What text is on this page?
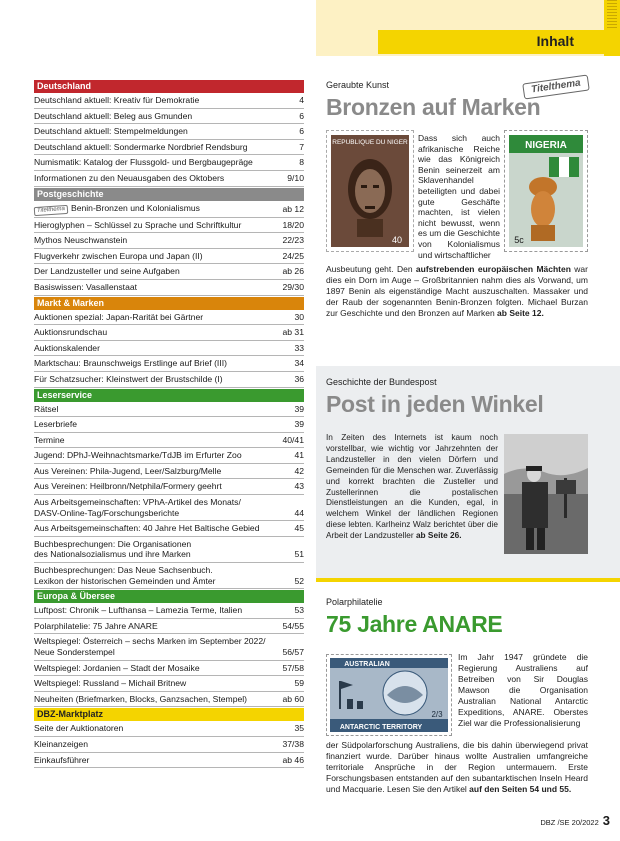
Inhalt
Deutschland
Deutschland aktuell: Kreativ für Demokratie	4
Deutschland aktuell: Beleg aus Gmunden	6
Deutschland aktuell: Stempelmeldungen	6
Deutschland aktuell: Sondermarke Nordbrief Rendsburg	7
Numismatik: Katalog der Flussgold- und Bergbaugepräge	8
Informationen zu den Neuausgaben des Oktobers	9/10
Postgeschichte
Titelthema Benin-Bronzen und Kolonialismus	ab 12
Hieroglyphen – Schlüssel zu Sprache und Schriftkultur	18/20
Mythos Neuschwanstein	22/23
Flugverkehr zwischen Europa und Japan (II)	24/25
Der Landzusteller und seine Aufgaben	ab 26
Basiswissen: Vasallenstaat	29/30
Markt & Marken
Auktionen spezial: Japan-Rarität bei Gärtner	30
Auktionsrundschau	ab 31
Auktionskalender	33
Marktschau: Braunschweigs Erstlinge auf Brief (III)	34
Für Schatzsucher: Kleinstwert der Brustschilde (I)	36
Leserservice
Rätsel	39
Leserbriefe	39
Termine	40/41
Jugend: DPhJ-Weihnachtsmarke/TdJB im Erfurter Zoo	41
Aus Vereinen: Phila-Jugend, Leer/Salzburg/Melle	42
Aus Vereinen: Heilbronn/Netphila/Formery geehrt	43
Aus Arbeitsgemeinschaften: VPhA-Artikel des Monats/
DASV-Online-Tag/Forschungsberichte	44
Aus Arbeitsgemeinschaften: 40 Jahre Het Baltische Gebied	45
Buchbesprechungen: Die Organisationen
des Nationalsozialismus und ihre Marken	51
Buchbesprechungen: Das Neue Sachsenbuch.
Lexikon der historischen Gemeinden und Ämter	52
Europa & Übersee
Luftpost: Chronik – Lufthansa – Lamezia Terme, Italien	53
Polarphilatelie: 75 Jahre ANARE	54/55
Weltspiegel: Österreich – sechs Marken im September 2022/
Neue Sonderstempel	56/57
Weltspiegel: Jordanien – Stadt der Mosaike	57/58
Weltspiegel: Russland – Michail Britnew	59
Neuheiten (Briefmarken, Blocks, Ganzsachen, Stempel)	ab 60
DBZ-Marktplatz
Seite der Auktionatoren	35
Kleinanzeigen	37/38
Einkaufsführer	ab 46
Geraubte Kunst
Bronzen auf Marken
Titelthema
REPUBLIQUE DU NIGER
40
NIGERIA
5c
Dass sich auch afrikanische Reiche wie das Königreich Benin seinerzeit am Sklavenhandel beteiligten und dabei gute Geschäfte machten, ist vielen nicht bewusst, wenn es um die Geschichte von Kolonialismus und wirtschaftlicher
Ausbeutung geht. Den aufstrebenden europäischen Mächten war dies ein Dorn im Auge – Großbritannien nahm dies als Vorwand, um 1897 Benin als eigenständige Macht auszuschalten. Massaker und der Raub der sogenannten Benin-Bronzen folgten. Michael Burzan zur Geschichte und den Bronzen auf Marken ab Seite 12.
Geschichte der Bundespost
Post in jeden Winkel
In Zeiten des Internets ist kaum noch vorstellbar, wie wichtig vor Jahrzehnten der Landzusteller in den vielen Dörfern und Gemeinden für die Menschen war. Zuverlässig und korrekt brachten die Zusteller und Zustellerinnen die postalischen Dienstleistungen an die Kunden, egal, in welchem Winkel der ländlichen Regionen diese lebten. Karlheinz Walz berichtet über die Arbeit der Landzusteller ab Seite 26.
Polarphilatelie
75 Jahre ANARE
AUSTRALIAN
ANTARCTIC TERRITORY
2/3
Im Jahr 1947 gründete die Regierung Australiens auf Betreiben von Sir Douglas Mawson die Organisation Australian National Antarctic Expeditions, ANARE. Oberstes Ziel war die Professionalisierung
der Südpolarforschung Australiens, die bis dahin überwiegend privat finanziert wurde. Darüber hinaus wollte Australien umfangreiche territoriale Ansprüche in der Region untermauern. Erste Forschungsbasen entstanden auf den subantarktischen Inseln Heard und Macquarie. Lesen Sie den Artikel auf den Seiten 54 und 55.
DBZ /SE 20/2022 3
